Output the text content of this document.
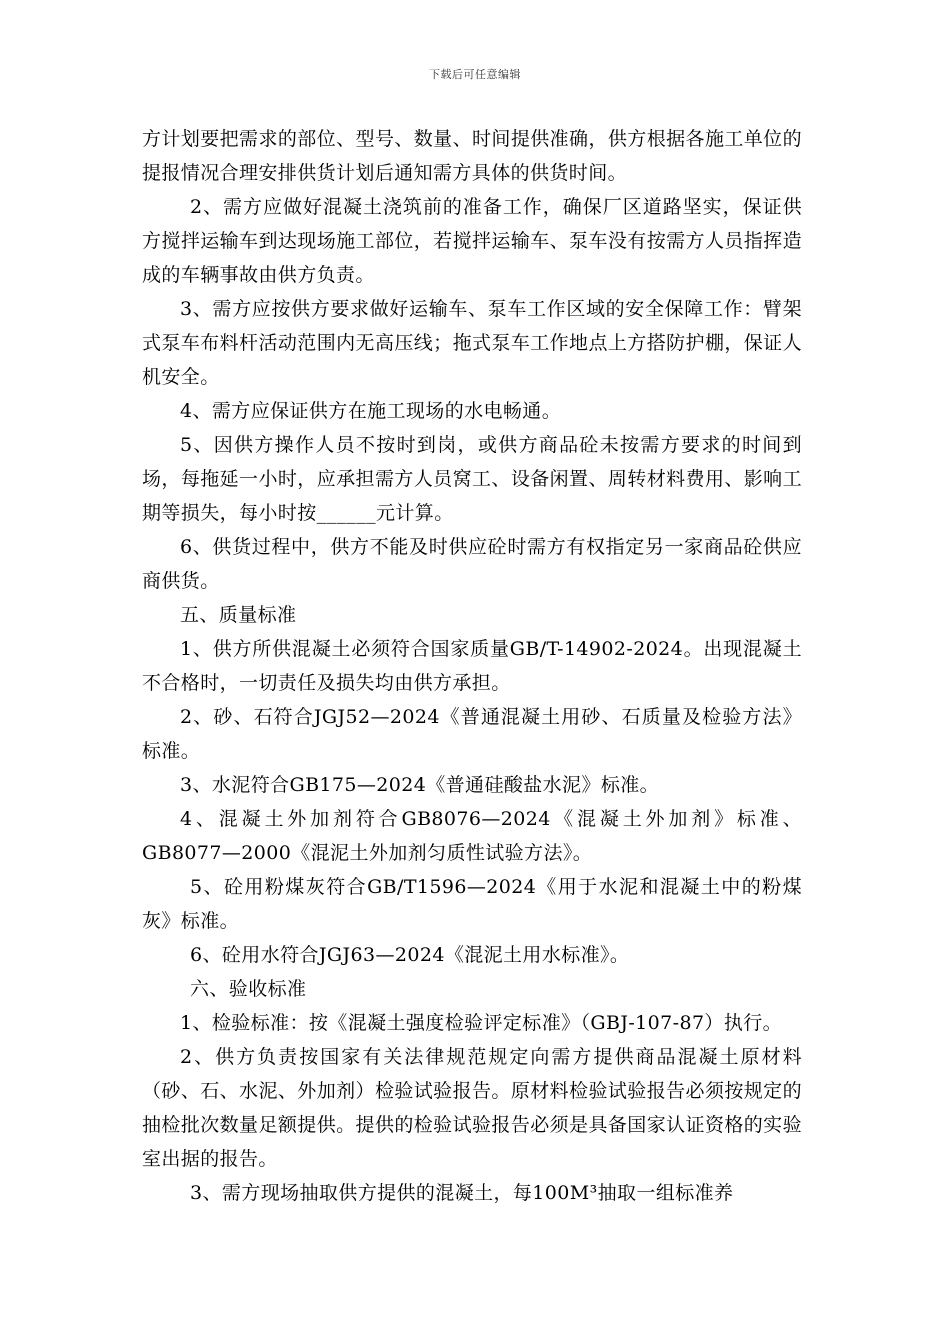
下载后可任意编辑

方计划要把需求的部位、型号、数量、时间提供准确，供方根据各施工单位的提报情况合理安排供货计划后通知需方具体的供货时间。

2、需方应做好混凝土浇筑前的准备工作，确保厂区道路坚实，保证供方搅拌运输车到达现场施工部位，若搅拌运输车、泵车没有按需方人员指挥造成的车辆事故由供方负责。

3、需方应按供方要求做好运输车、泵车工作区域的安全保障工作：臂架式泵车布料杆活动范围内无高压线；拖式泵车工作地点上方搭防护棚，保证人机安全。

4、需方应保证供方在施工现场的水电畅通。

5、因供方操作人员不按时到岗，或供方商品砼未按需方要求的时间到场，每拖延一小时，应承担需方人员窝工、设备闲置、周转材料费用、影响工期等损失，每小时按______元计算。

6、供货过程中，供方不能及时供应砼时需方有权指定另一家商品砼供应商供货。

五、质量标准

1、供方所供混凝土必须符合国家质量GB/T-14902-2024。出现混凝土不合格时，一切责任及损失均由供方承担。

2、砂、石符合JGJ52—2024《普通混凝土用砂、石质量及检验方法》标准。

3、水泥符合GB175—2024《普通硅酸盐水泥》标准。

4、混凝土外加剂符合GB8076—2024《混凝土外加剂》标准、GB8077—2000《混泥土外加剂匀质性试验方法》。

5、砼用粉煤灰符合GB/T1596—2024《用于水泥和混凝土中的粉煤灰》标准。

6、砼用水符合JGJ63—2024《混泥土用水标准》。

六、验收标准

1、检验标准：按《混凝土强度检验评定标准》（GBJ-107-87）执行。

2、供方负责按国家有关法律规范规定向需方提供商品混凝土原材料（砂、石、水泥、外加剂）检验试验报告。原材料检验试验报告必须按规定的抽检批次数量足额提供。提供的检验试验报告必须是具备国家认证资格的实验室出据的报告。

3、需方现场抽取供方提供的混凝土，每100M³抽取一组标准养
